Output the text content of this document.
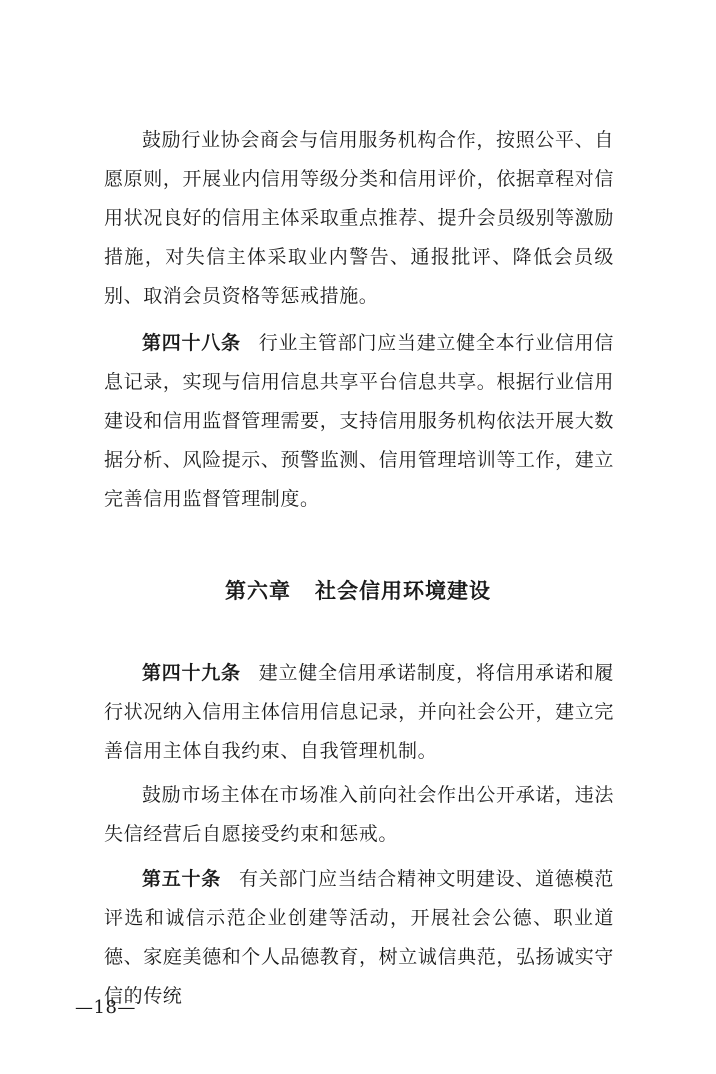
鼓励行业协会商会与信用服务机构合作，按照公平、自愿原则，开展业内信用等级分类和信用评价，依据章程对信用状况良好的信用主体采取重点推荐、提升会员级别等激励措施，对失信主体采取业内警告、通报批评、降低会员级别、取消会员资格等惩戒措施。

第四十八条 行业主管部门应当建立健全本行业信用信息记录，实现与信用信息共享平台信息共享。根据行业信用建设和信用监督管理需要，支持信用服务机构依法开展大数据分析、风险提示、预警监测、信用管理培训等工作，建立完善信用监督管理制度。

第六章 社会信用环境建设

第四十九条 建立健全信用承诺制度，将信用承诺和履行状况纳入信用主体信用信息记录，并向社会公开，建立完善信用主体自我约束、自我管理机制。

鼓励市场主体在市场准入前向社会作出公开承诺，违法失信经营后自愿接受约束和惩戒。

第五十条 有关部门应当结合精神文明建设、道德模范评选和诚信示范企业创建等活动，开展社会公德、职业道德、家庭美德和个人品德教育，树立诚信典范，弘扬诚实守信的传统

—18—
